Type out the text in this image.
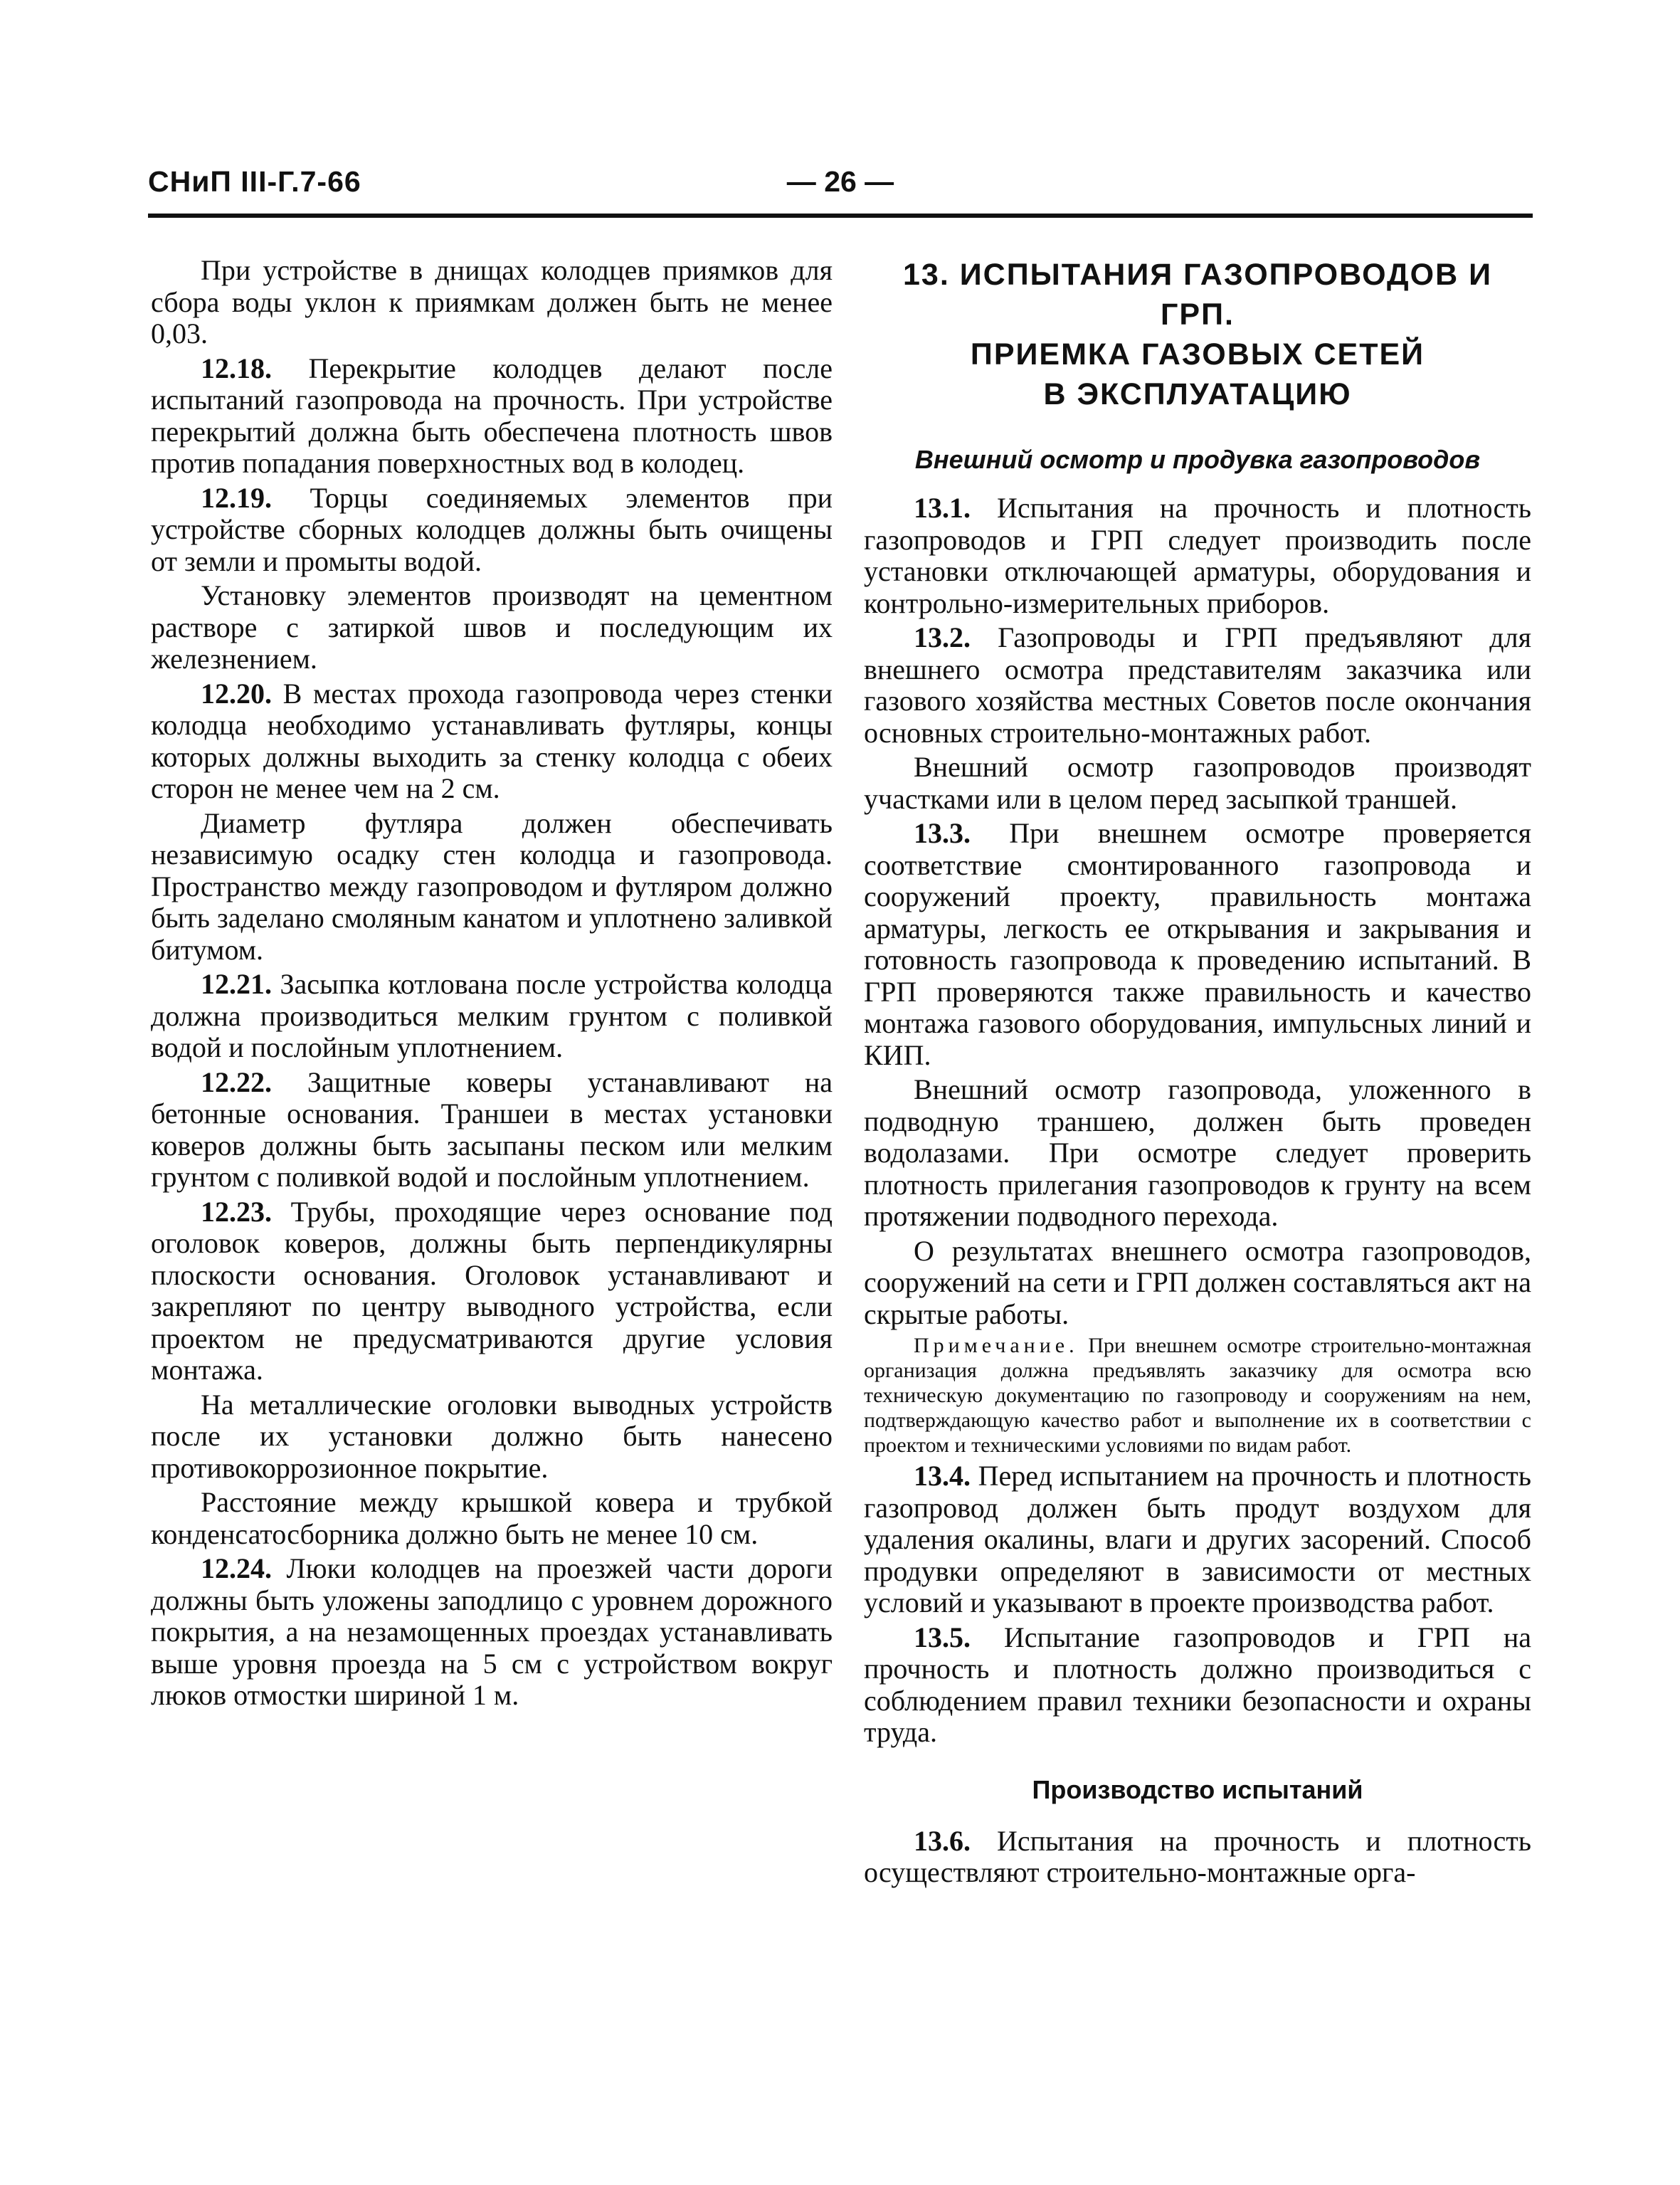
СНиП III-Г.7-66	— 26 —

При устройстве в днищах колодцев приямков для сбора воды уклон к приямкам должен быть не менее 0,03.

12.18. Перекрытие колодцев делают после испытаний газопровода на прочность. При устройстве перекрытий должна быть обеспечена плотность швов против попадания поверхностных вод в колодец.

12.19. Торцы соединяемых элементов при устройстве сборных колодцев должны быть очищены от земли и промыты водой.

Установку элементов производят на цементном растворе с затиркой швов и последующим их железнением.

12.20. В местах прохода газопровода через стенки колодца необходимо устанавливать футляры, концы которых должны выходить за стенку колодца с обеих сторон не менее чем на 2 см.

Диаметр футляра должен обеспечивать независимую осадку стен колодца и газопровода. Пространство между газопроводом и футляром должно быть заделано смоляным канатом и уплотнено заливкой битумом.

12.21. Засыпка котлована после устройства колодца должна производиться мелким грунтом с поливкой водой и послойным уплотнением.

12.22. Защитные коверы устанавливают на бетонные основания. Траншеи в местах установки коверов должны быть засыпаны песком или мелким грунтом с поливкой водой и послойным уплотнением.

12.23. Трубы, проходящие через основание под оголовок коверов, должны быть перпендикулярны плоскости основания. Оголовок устанавливают и закрепляют по центру выводного устройства, если проектом не предусматриваются другие условия монтажа.

На металлические оголовки выводных устройств после их установки должно быть нанесено противокоррозионное покрытие.

Расстояние между крышкой ковера и трубкой конденсатосборника должно быть не менее 10 см.

12.24. Люки колодцев на проезжей части дороги должны быть уложены заподлицо с уровнем дорожного покрытия, а на незамощенных проездах устанавливать выше уровня проезда на 5 см с устройством вокруг люков отмостки шириной 1 м.

13. ИСПЫТАНИЯ ГАЗОПРОВОДОВ И ГРП.
ПРИЕМКА ГАЗОВЫХ СЕТЕЙ
В ЭКСПЛУАТАЦИЮ
Внешний осмотр и продувка газопроводов

13.1. Испытания на прочность и плотность газопроводов и ГРП следует производить после установки отключающей арматуры, оборудования и контрольно-измерительных приборов.

13.2. Газопроводы и ГРП предъявляют для внешнего осмотра представителям заказчика или газового хозяйства местных Советов после окончания основных строительно-монтажных работ.

Внешний осмотр газопроводов производят участками или в целом перед засыпкой траншей.

13.3. При внешнем осмотре проверяется соответствие смонтированного газопровода и сооружений проекту, правильность монтажа арматуры, легкость ее открывания и закрывания и готовность газопровода к проведению испытаний. В ГРП проверяются также правильность и качество монтажа газового оборудования, импульсных линий и КИП.

Внешний осмотр газопровода, уложенного в подводную траншею, должен быть проведен водолазами. При осмотре следует проверить плотность прилегания газопроводов к грунту на всем протяжении подводного перехода.

О результатах внешнего осмотра газопроводов, сооружений на сети и ГРП должен составляться акт на скрытые работы.

Примечание. При внешнем осмотре строительно-монтажная организация должна предъявлять заказчику для осмотра всю техническую документацию по газопроводу и сооружениям на нем, подтверждающую качество работ и выполнение их в соответствии с проектом и техническими условиями по видам работ.

13.4. Перед испытанием на прочность и плотность газопровод должен быть продут воздухом для удаления окалины, влаги и других засорений. Способ продувки определяют в зависимости от местных условий и указывают в проекте производства работ.

13.5. Испытание газопроводов и ГРП на прочность и плотность должно производиться с соблюдением правил техники безопасности и охраны труда.

Производство испытаний

13.6. Испытания на прочность и плотность осуществляют строительно-монтажные орга-
